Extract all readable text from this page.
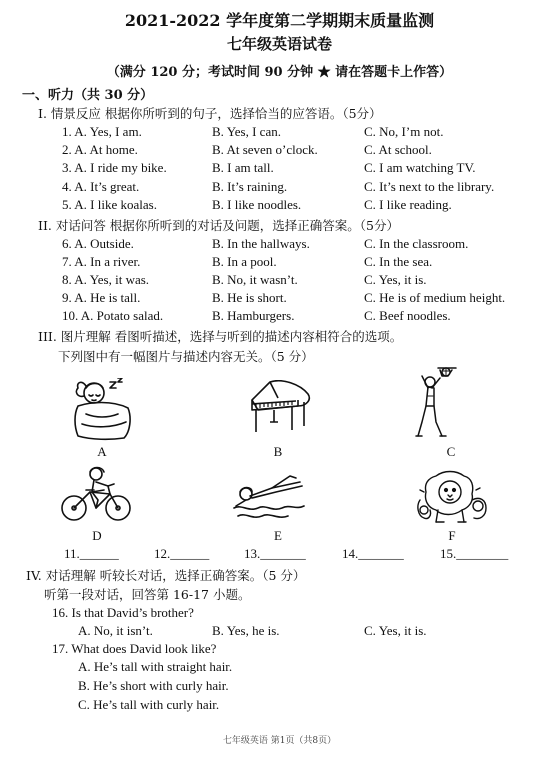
2021-2022 学年度第二学期期末质量监测
七年级英语试卷
（满分 120 分；考试时间 90 分钟 ★ 请在答题卡上作答）
一、听力（共 30 分）
I. 情景反应 根据你所听到的句子，选择恰当的应答语。（5分）
1. A. Yes, I am.	B. Yes, I can.	C. No, I’m not.
2. A. At home.	B. At seven o’clock.	C. At school.
3. A. I ride my bike.	B. I am tall.	C. I am watching TV.
4. A. It’s great.	B. It’s raining.	C. It’s next to the library.
5. A. I like koalas.	B. I like noodles.	C. I like reading.
II. 对话问答 根据你所听到的对话及问题，选择正确答案。（5分）
6. A. Outside.	B. In the hallways.	C. In the classroom.
7. A. In a river.	B. In a pool.	C. In the sea.
8. A. Yes, it was.	B. No, it wasn’t.	C. Yes, it is.
9. A. He is tall.	B. He is short.	C. He is of medium height.
10. A. Potato salad.	B. Hamburgers.	C. Beef noodles.
III. 图片理解 看图听描述，选择与听到的描述内容相符合的选项。
下列图中有一幅图片与描述内容无关。（5 分）
A	B	C
D	E	F
11.______	12.______	13._______	14._______	15.________
IV. 对话理解 听较长对话，选择正确答案。（5 分）
听第一段对话，回答第 16-17 小题。
16. Is that David’s brother?
A. No, it isn’t.	B. Yes, he is.	C. Yes, it is.
17. What does David look like?
A. He’s tall with straight hair.
B. He’s short with curly hair.
C. He’s tall with curly hair.
七年级英语 第1页（共8页）
